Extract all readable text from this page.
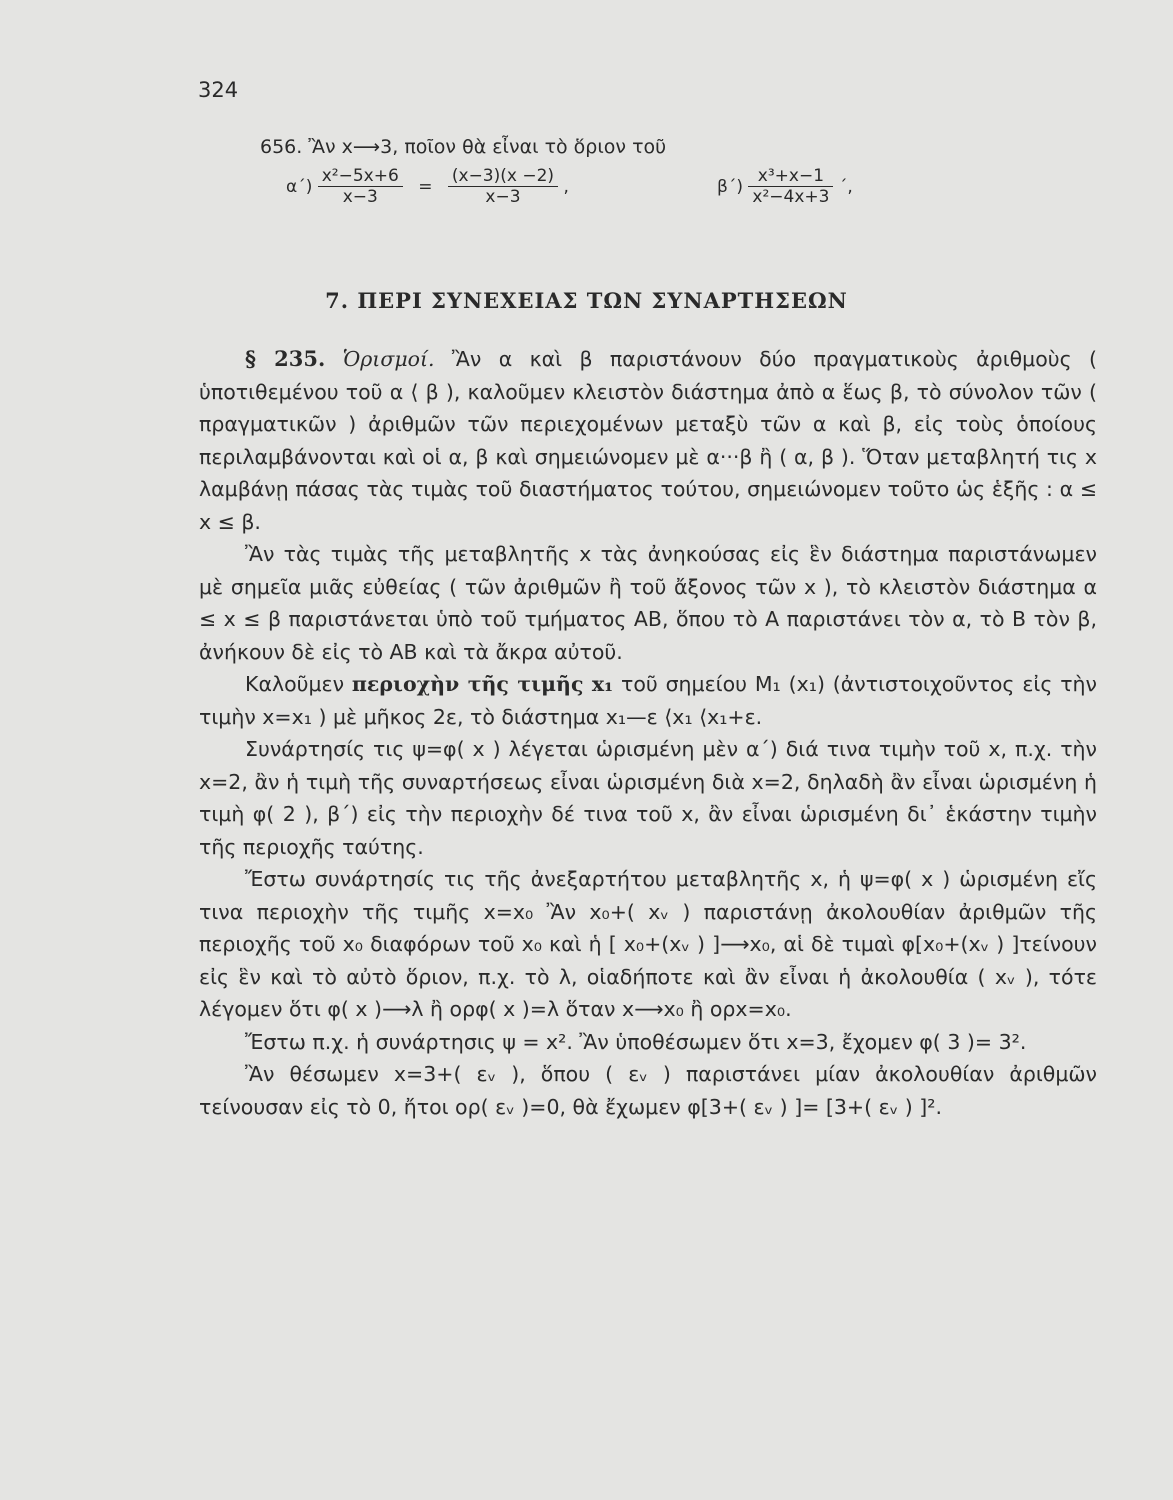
324
656. Ἂν x⟶3, ποῖον θὰ εἶναι τὸ ὅριον τοῦ
$\alpha΄) \frac{\text{x²−5x+6}}{x-3} = \frac{(x-3)(x -2)}{x-3}$ ,	$\beta΄) \frac{\text{x³+x−1}}{\text{x²−4x+3}}$ ΄,
7. ΠΕΡΙ ΣΥΝΕΧΕΙΑΣ ΤΩΝ ΣΥΝΑΡΤΗΣΕΩΝ

§ 235. Ὁρισμοί. Ἂν α καὶ β παριστάνουν δύο πραγματικοὺς ἀριθμοὺς ( ὑποτιθεμένου τοῦ α ⟨ β ), καλοῦμεν κλειστὸν διάστημα ἀπὸ α ἕως β, τὸ σύνολον τῶν ( πραγματικῶν ) ἀριθμῶν τῶν περιεχομένων μεταξὺ τῶν α καὶ β, εἰς τοὺς ὁποίους περιλαμβάνονται καὶ οἱ α, β καὶ σημειώνομεν μὲ α···β ἢ ( α, β ). Ὅταν μεταβλητή τις x λαμβάνῃ πάσας τὰς τιμὰς τοῦ διαστήματος τούτου, σημειώνομεν τοῦτο ὡς ἑξῆς : α ≤ x ≤ β.

Ἂν τὰς τιμὰς τῆς μεταβλητῆς x τὰς ἀνηκούσας εἰς ἓν διάστημα παριστάνωμεν μὲ σημεῖα μιᾶς εὐθείας ( τῶν ἀριθμῶν ἢ τοῦ ἄξονος τῶν x ), τὸ κλειστὸν διάστημα α ≤ x ≤ β παριστάνεται ὑπὸ τοῦ τμήματος AB, ὅπου τὸ A παριστάνει τὸν α, τὸ B τὸν β, ἀνήκουν δὲ εἰς τὸ AB καὶ τὰ ἄκρα αὐτοῦ.

Καλοῦμεν περιοχὴν τῆς τιμῆς x₁ τοῦ σημείου M₁ (x₁) (ἀντιστοιχοῦντος εἰς τὴν τιμὴν x=x₁ ) μὲ μῆκος 2ε, τὸ διάστημα x₁—ε ⟨x₁ ⟨x₁+ε.

Συνάρτησίς τις ψ=φ( x ) λέγεται ὡρισμένη μὲν α΄) διά τινα τιμὴν τοῦ x, π.χ. τὴν x=2, ἂν ἡ τιμὴ τῆς συναρτήσεως εἶναι ὡρισμένη διὰ x=2, δηλαδὴ ἂν εἶναι ὡρισμένη ἡ τιμὴ φ( 2 ), β΄) εἰς τὴν περιοχὴν δέ τινα τοῦ x, ἂν εἶναι ὡρισμένη δι᾽ ἑκάστην τιμὴν τῆς περιοχῆς ταύτης.

Ἔστω συνάρτησίς τις τῆς ἀνεξαρτήτου μεταβλητῆς x, ἡ ψ=φ( x ) ὡρισμένη εἴς τινα περιοχὴν τῆς τιμῆς x=x₀ Ἂν x₀+( xᵥ ) παριστάνῃ ἀκολουθίαν ἀριθμῶν τῆς περιοχῆς τοῦ x₀ διαφόρων τοῦ x₀ καὶ ἡ [ x₀+(xᵥ ) ]⟶x₀, αἱ δὲ τιμαὶ φ[x₀+(xᵥ ) ]τείνουν εἰς ἓν καὶ τὸ αὐτὸ ὅριον, π.χ. τὸ λ, οἱαδήποτε καὶ ἂν εἶναι ἡ ἀκολουθία ( xᵥ ), τότε λέγομεν ὅτι φ( x )⟶λ ἢ ορφ( x )=λ ὅταν x⟶x₀ ἢ ορx=x₀.

Ἔστω π.χ. ἡ συνάρτησις ψ = x². Ἂν ὑποθέσωμεν ὅτι x=3, ἔχομεν φ( 3 )= 3².

Ἂν θέσωμεν x=3+( εᵥ ), ὅπου ( εᵥ ) παριστάνει μίαν ἀκολουθίαν ἀριθμῶν τείνουσαν εἰς τὸ 0, ἤτοι ορ( εᵥ )=0, θὰ ἔχωμεν φ[3+( εᵥ ) ]= [3+( εᵥ ) ]².
